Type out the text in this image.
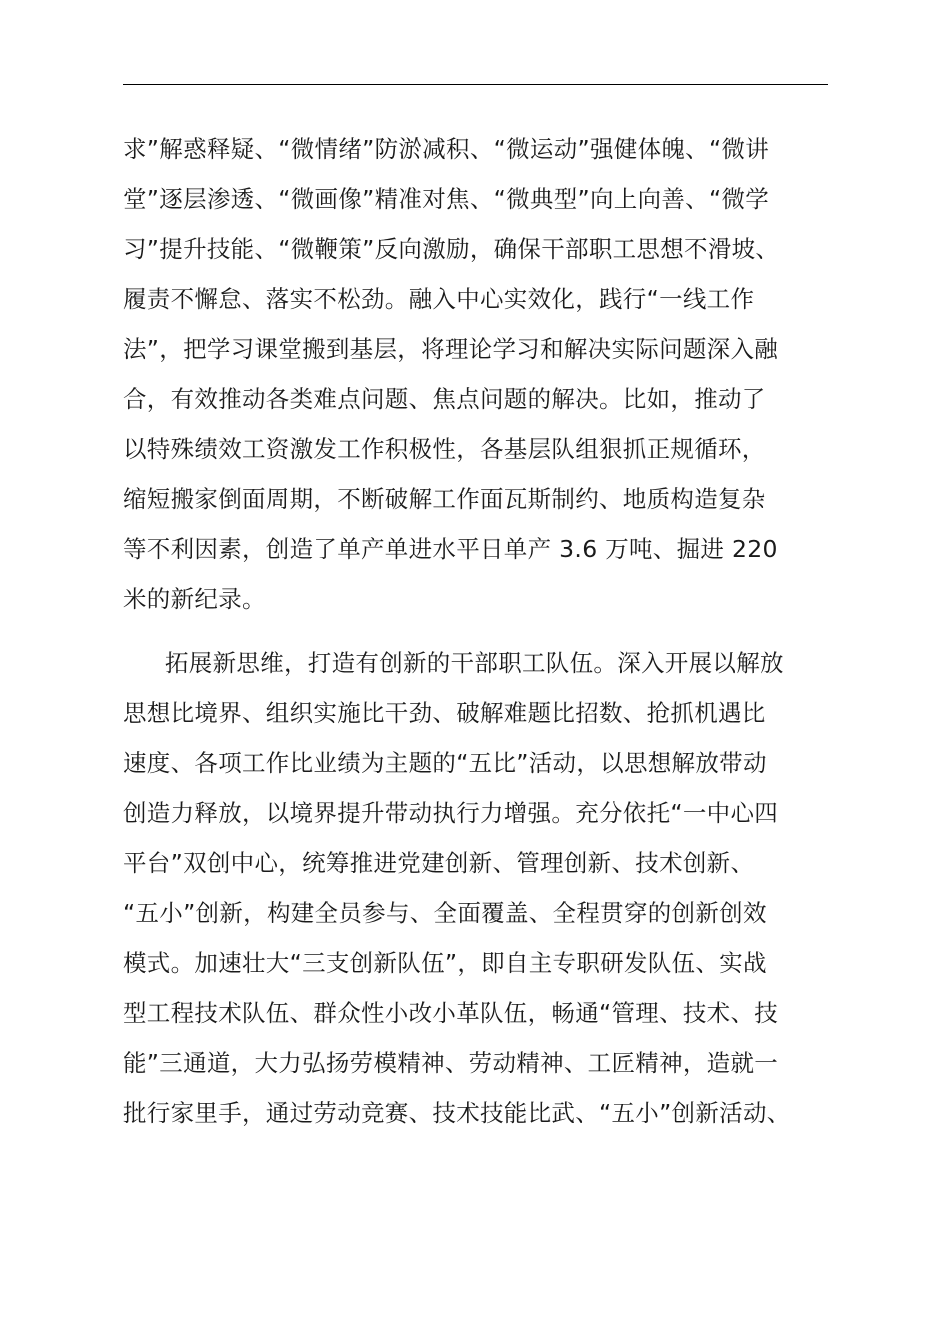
求”解惑释疑、“微情绪”防淤减积、“微运动”强健体魄、“微讲
堂”逐层渗透、“微画像”精准对焦、“微典型”向上向善、“微学
习”提升技能、“微鞭策”反向激励，确保干部职工思想不滑坡、
履责不懈怠、落实不松劲。融入中心实效化，践行“一线工作
法”，把学习课堂搬到基层，将理论学习和解决实际问题深入融
合，有效推动各类难点问题、焦点问题的解决。比如，推动了
以特殊绩效工资激发工作积极性，各基层队组狠抓正规循环，
缩短搬家倒面周期，不断破解工作面瓦斯制约、地质构造复杂
等不利因素，创造了单产单进水平日单产 3.6 万吨、掘进 220
米的新纪录。
拓展新思维，打造有创新的干部职工队伍。深入开展以解放
思想比境界、组织实施比干劲、破解难题比招数、抢抓机遇比
速度、各项工作比业绩为主题的“五比”活动，以思想解放带动
创造力释放，以境界提升带动执行力增强。充分依托“一中心四
平台”双创中心，统筹推进党建创新、管理创新、技术创新、
“五小”创新，构建全员参与、全面覆盖、全程贯穿的创新创效
模式。加速壮大“三支创新队伍”，即自主专职研发队伍、实战
型工程技术队伍、群众性小改小革队伍，畅通“管理、技术、技
能”三通道，大力弘扬劳模精神、劳动精神、工匠精神，造就一
批行家里手，通过劳动竞赛、技术技能比武、“五小”创新活动、
